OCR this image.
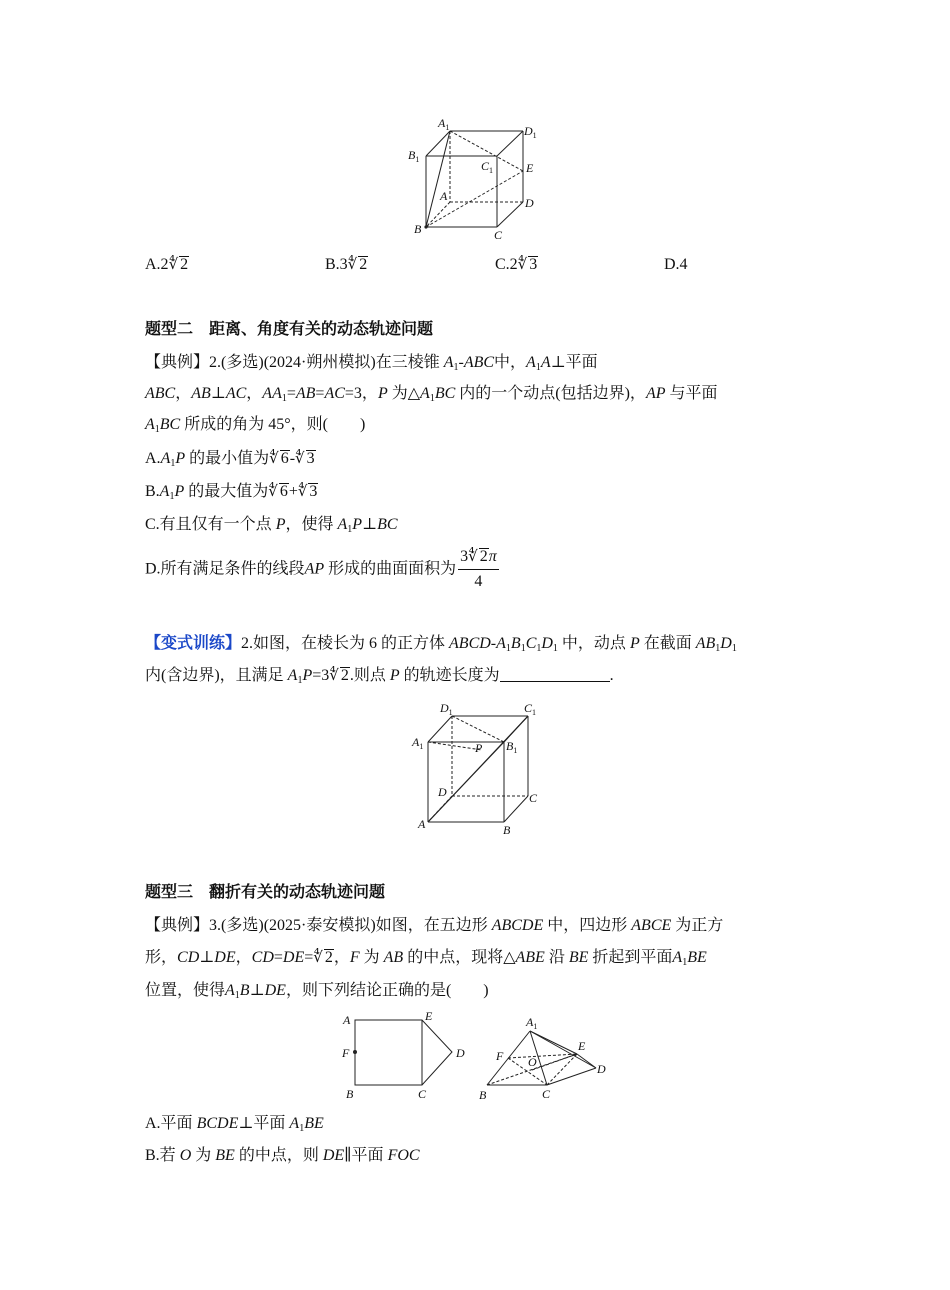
$A_1$	$D_1$
$B_1$	$C_1$	E
A	D
B	C
A.2∜ 2	B.3∜ 2	C.2∜ 3	D.4
题型二　距离、角度有关的动态轨迹问题
【典例】2.(多选)(2024·朔州模拟)在三棱锥 $A_1$-ABC中，$A_1A\perp$平面
ABC，AB⊥AC，$AA_1=AB=AC=3$，P 为$\triangle A_1BC$ 内的一个动点(包括边界)，AP 与平面
$A_1BC$ 所成的角为 45°，则(　　)
$A.A_1P$ 的最小值为∜ 6-∜ 3
$B.A_1P$ 的最大值为∜ 6+∜ 3
C.有且仅有一个点 P，使得 $A_1P\perp BC$
D.所有满足条件的线段AP 形成的曲面面积为 $\frac{3∜ 2\pi}{4}$
【变式训练】2.如图，在棱长为 6 的正方体 ABCD-$A_1B_1C_1D_1$ 中，动点 P 在截面 $AB_1D_1$
内(含边界)，且满足 $A_1P=3∜$ 2.则点 P 的轨迹长度为	.
$D_1$	$C_1$
$A_1$	P $B_1$
D	C
A	B
题型三　翻折有关的动态轨迹问题
【典例】3.(多选)(2025·泰安模拟)如图，在五边形 ABCDE 中，四边形 ABCE 为正方
形，CD⊥DE，CD=DE=∜ 2，F 为 AB 的中点，现将△ABE 沿 BE 折起到平面$A_1BE$
位置，使得$A_1B\perp DE$，则下列结论正确的是(　　)
A	E
F	D
B	C
$A_1$
E
F O	D
B	C
A.平面 BCDE⊥平面 $A_1BE$
B.若 O 为 BE 的中点，则 DE∥平面 FOC
